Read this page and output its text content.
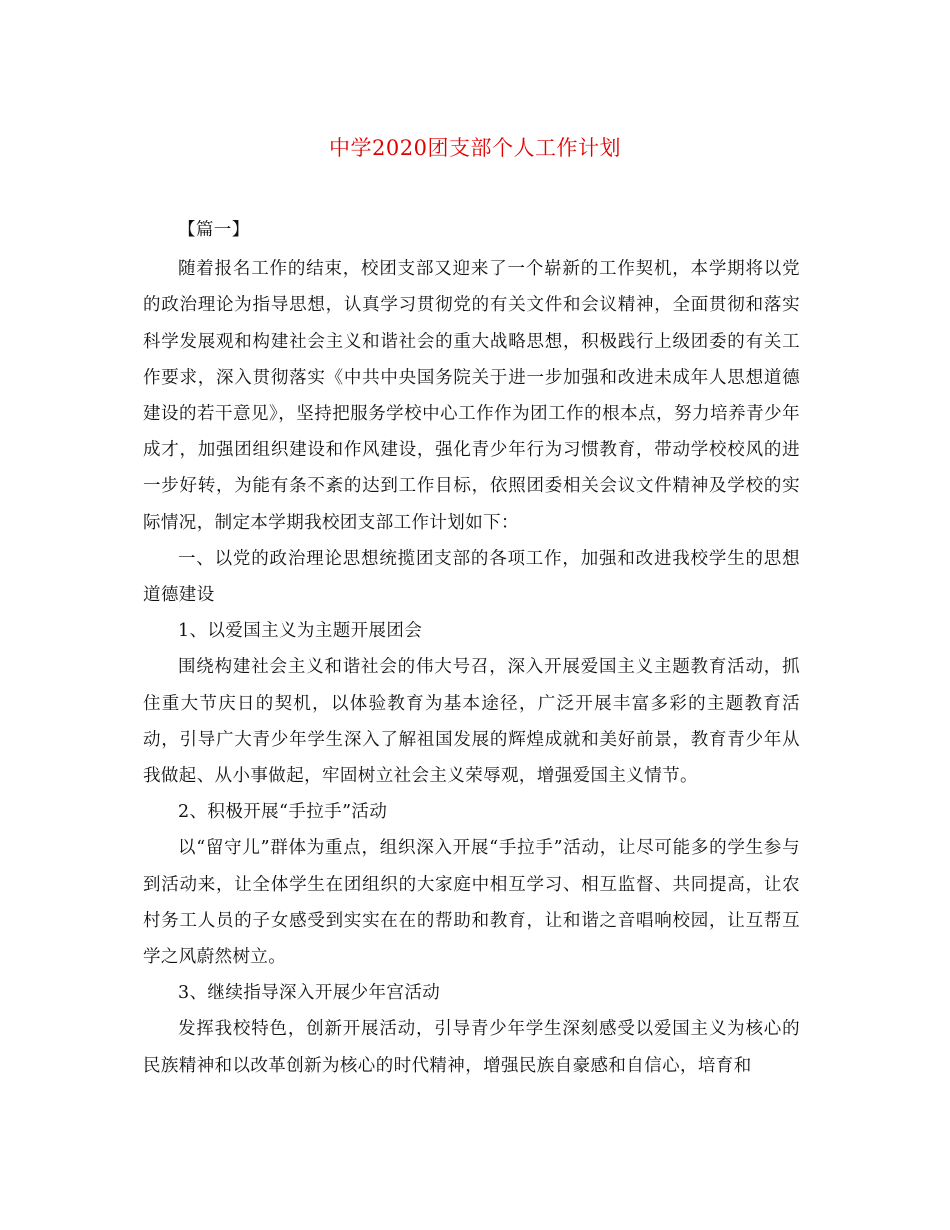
中学2020团支部个人工作计划

【篇一】

随着报名工作的结束，校团支部又迎来了一个崭新的工作契机，本学期将以党的政治理论为指导思想，认真学习贯彻党的有关文件和会议精神，全面贯彻和落实科学发展观和构建社会主义和谐社会的重大战略思想，积极践行上级团委的有关工作要求，深入贯彻落实《中共中央国务院关于进一步加强和改进未成年人思想道德建设的若干意见》，坚持把服务学校中心工作作为团工作的根本点，努力培养青少年成才，加强团组织建设和作风建设，强化青少年行为习惯教育，带动学校校风的进一步好转，为能有条不紊的达到工作目标，依照团委相关会议文件精神及学校的实际情况，制定本学期我校团支部工作计划如下：

一、以党的政治理论思想统揽团支部的各项工作，加强和改进我校学生的思想道德建设

1、以爱国主义为主题开展团会

围绕构建社会主义和谐社会的伟大号召，深入开展爱国主义主题教育活动，抓住重大节庆日的契机，以体验教育为基本途径，广泛开展丰富多彩的主题教育活动，引导广大青少年学生深入了解祖国发展的辉煌成就和美好前景，教育青少年从我做起、从小事做起，牢固树立社会主义荣辱观，增强爱国主义情节。

2、积极开展“手拉手”活动

以“留守儿”群体为重点，组织深入开展“手拉手”活动，让尽可能多的学生参与到活动来，让全体学生在团组织的大家庭中相互学习、相互监督、共同提高，让农村务工人员的子女感受到实实在在的帮助和教育，让和谐之音唱响校园，让互帮互学之风蔚然树立。

3、继续指导深入开展少年宫活动

发挥我校特色，创新开展活动，引导青少年学生深刻感受以爱国主义为核心的民族精神和以改革创新为核心的时代精神，增强民族自豪感和自信心，培育和
